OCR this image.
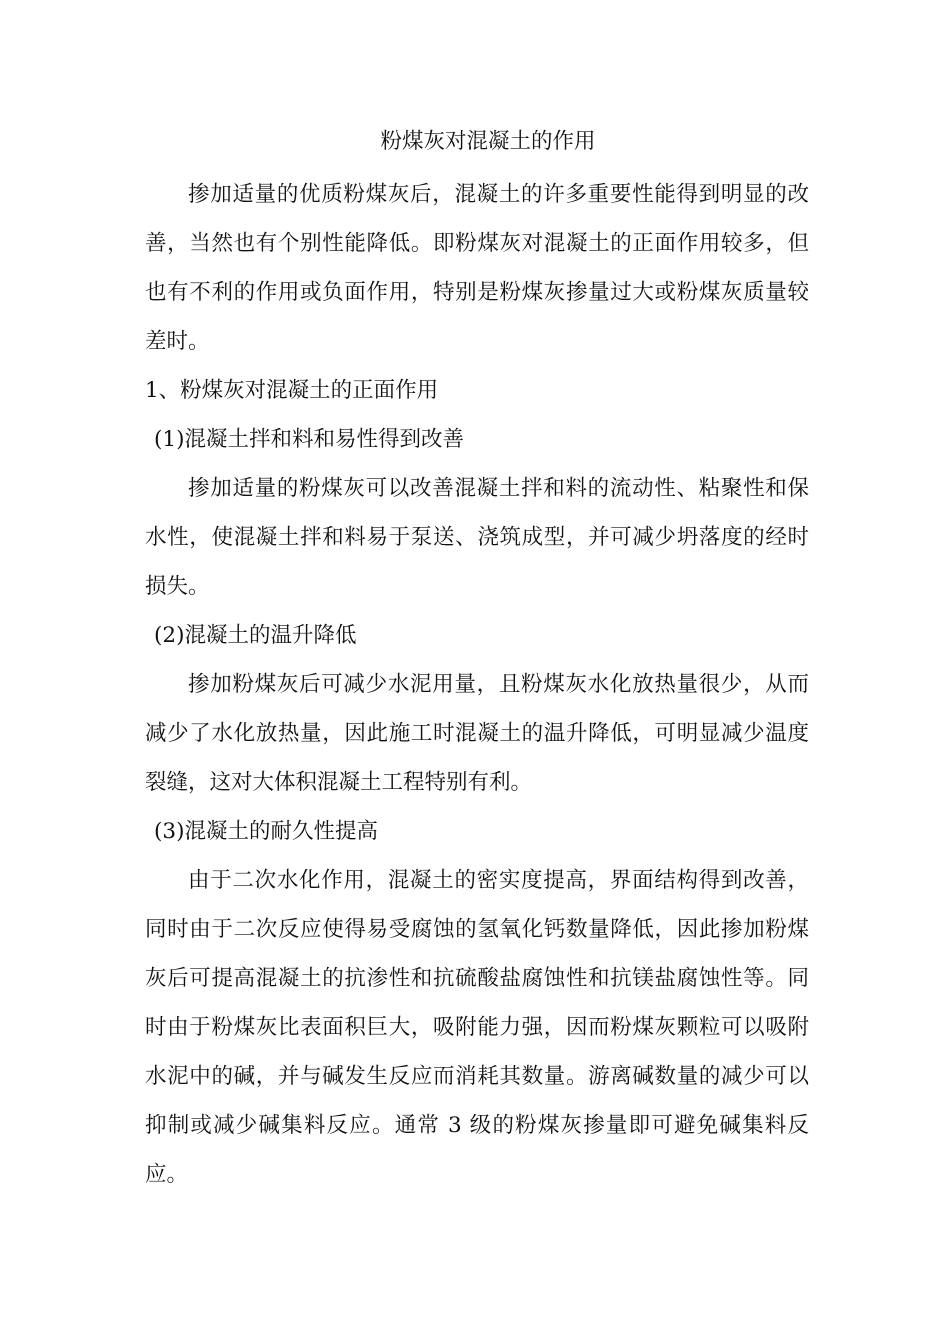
粉煤灰对混凝土的作用

掺加适量的优质粉煤灰后，混凝土的许多重要性能得到明显的改善，当然也有个别性能降低。即粉煤灰对混凝土的正面作用较多，但也有不利的作用或负面作用，特别是粉煤灰掺量过大或粉煤灰质量较差时。

1、粉煤灰对混凝土的正面作用

(1)混凝土拌和料和易性得到改善

掺加适量的粉煤灰可以改善混凝土拌和料的流动性、粘聚性和保水性，使混凝土拌和料易于泵送、浇筑成型，并可减少坍落度的经时损失。

(2)混凝土的温升降低

掺加粉煤灰后可减少水泥用量，且粉煤灰水化放热量很少，从而减少了水化放热量，因此施工时混凝土的温升降低，可明显减少温度裂缝，这对大体积混凝土工程特别有利。

(3)混凝土的耐久性提高

由于二次水化作用，混凝土的密实度提高，界面结构得到改善，同时由于二次反应使得易受腐蚀的氢氧化钙数量降低，因此掺加粉煤灰后可提高混凝土的抗渗性和抗硫酸盐腐蚀性和抗镁盐腐蚀性等。同时由于粉煤灰比表面积巨大，吸附能力强，因而粉煤灰颗粒可以吸附水泥中的碱，并与碱发生反应而消耗其数量。游离碱数量的减少可以抑制或减少碱集料反应。通常 3 级的粉煤灰掺量即可避免碱集料反应。
